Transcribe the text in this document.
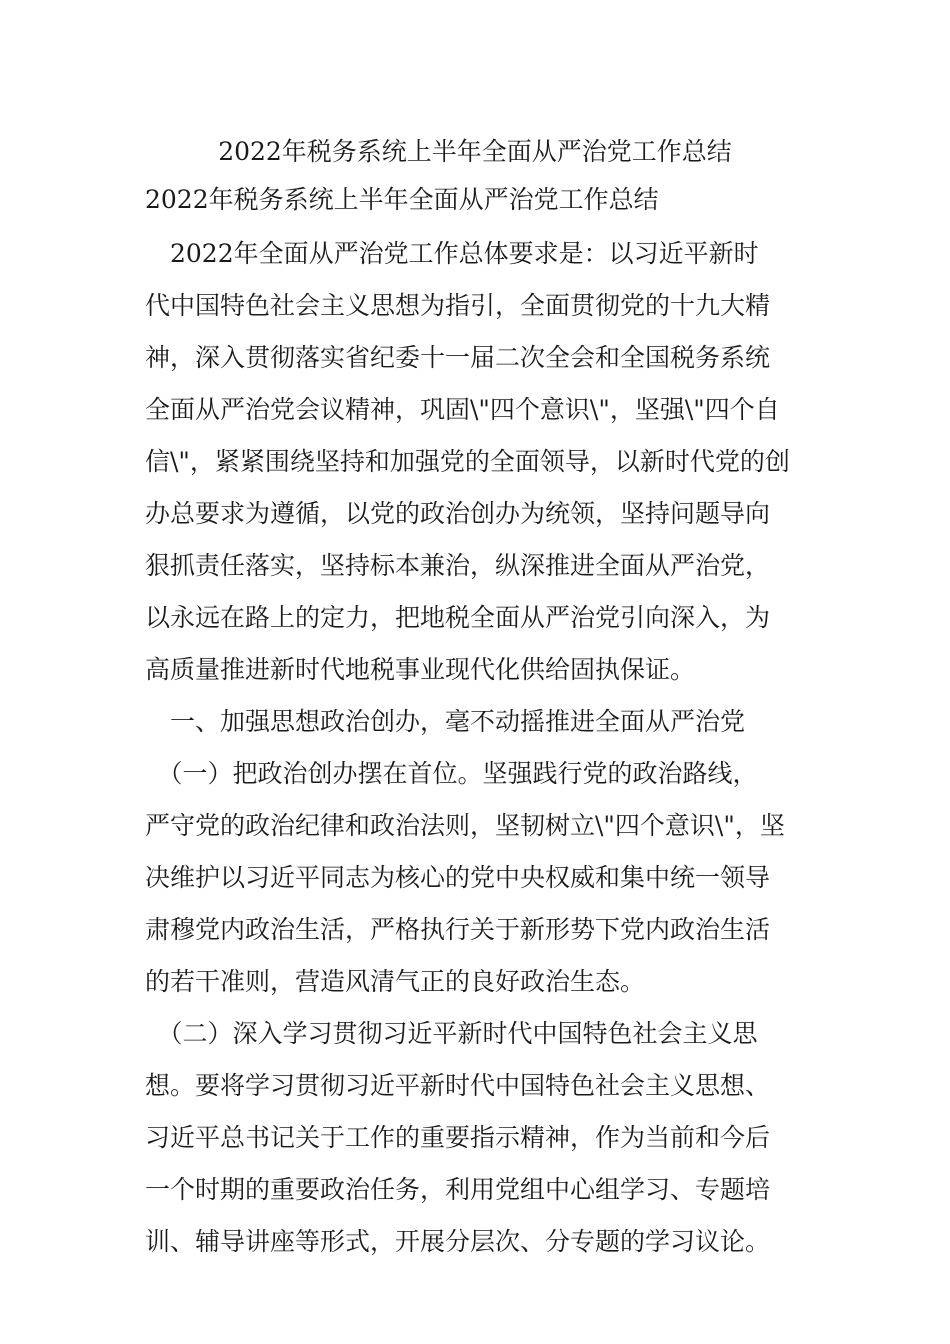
2022年税务系统上半年全面从严治党工作总结
2022年税务系统上半年全面从严治党工作总结
　2022年全面从严治党工作总体要求是：以习近平新时
代中国特色社会主义思想为指引，全面贯彻党的十九大精
神，深入贯彻落实省纪委十一届二次全会和全国税务系统
全面从严治党会议精神，巩固\"四个意识\"，坚强\"四个自
信\"，紧紧围绕坚持和加强党的全面领导，以新时代党的创
办总要求为遵循，以党的政治创办为统领，坚持问题导向
狠抓责任落实，坚持标本兼治，纵深推进全面从严治党，
以永远在路上的定力，把地税全面从严治党引向深入，为
高质量推进新时代地税事业现代化供给固执保证。
　一、加强思想政治创办，毫不动摇推进全面从严治党
　（一）把政治创办摆在首位。坚强践行党的政治路线，
严守党的政治纪律和政治法则，坚韧树立\"四个意识\"，坚
决维护以习近平同志为核心的党中央权威和集中统一领导
肃穆党内政治生活，严格执行关于新形势下党内政治生活
的若干准则，营造风清气正的良好政治生态。
　（二）深入学习贯彻习近平新时代中国特色社会主义思
想。要将学习贯彻习近平新时代中国特色社会主义思想、
习近平总书记关于工作的重要指示精神，作为当前和今后
一个时期的重要政治任务，利用党组中心组学习、专题培
训、辅导讲座等形式，开展分层次、分专题的学习议论。
